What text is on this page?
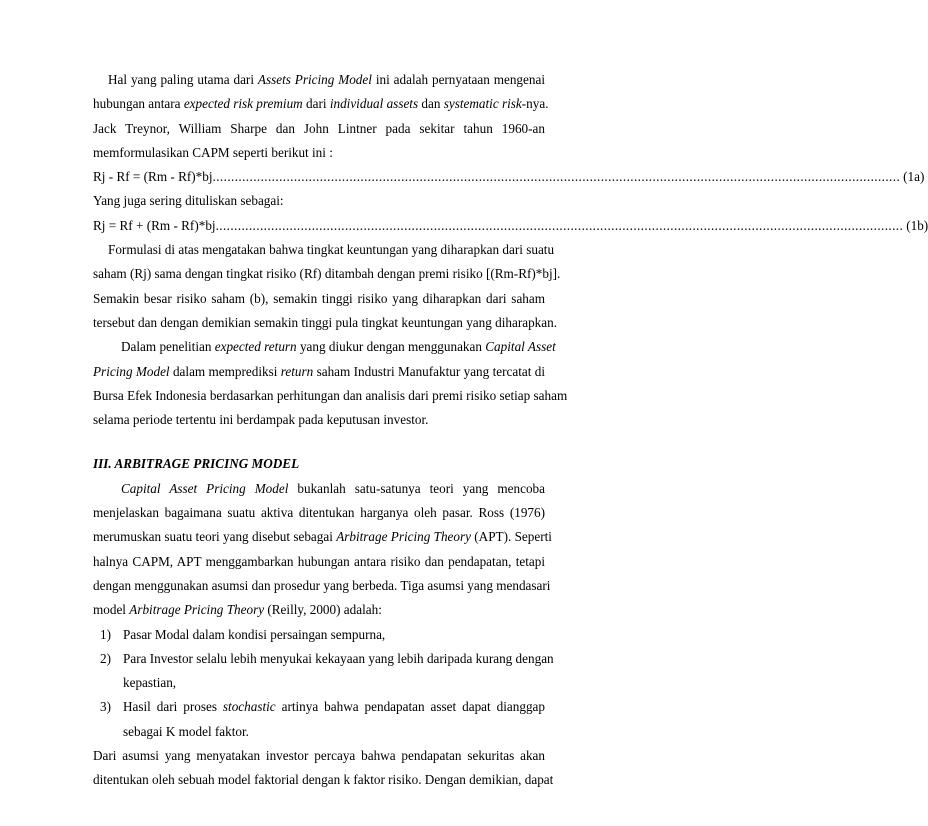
Hal yang paling utama dari Assets Pricing Model ini adalah pernyataan mengenai
hubungan antara expected risk premium dari individual assets dan systematic risk-nya.
Jack Treynor, William Sharpe dan John Lintner pada sekitar tahun 1960-an
memformulasikan CAPM seperti berikut ini :
Rj - Rf = (Rm - Rf)*bj .....	(1a)
Yang juga sering dituliskan sebagai:
Rj = Rf + (Rm - Rf)*bj .....	(1b)
Formulasi di atas mengatakan bahwa tingkat keuntungan yang diharapkan dari suatu
saham (Rj) sama dengan tingkat risiko (Rf) ditambah dengan premi risiko [(Rm-Rf)*bj].
Semakin besar risiko saham (b), semakin tinggi risiko yang diharapkan dari saham
tersebut dan dengan demikian semakin tinggi pula tingkat keuntungan yang diharapkan.
Dalam penelitian expected return yang diukur dengan menggunakan Capital Asset
Pricing Model dalam memprediksi return saham Industri Manufaktur yang tercatat di
Bursa Efek Indonesia berdasarkan perhitungan dan analisis dari premi risiko setiap saham
selama periode tertentu ini berdampak pada keputusan investor.
III. ARBITRAGE PRICING MODEL
Capital Asset Pricing Model bukanlah satu-satunya teori yang mencoba
menjelaskan bagaimana suatu aktiva ditentukan harganya oleh pasar. Ross (1976)
merumuskan suatu teori yang disebut sebagai Arbitrage Pricing Theory (APT). Seperti
halnya CAPM, APT menggambarkan hubungan antara risiko dan pendapatan, tetapi
dengan menggunakan asumsi dan prosedur yang berbeda. Tiga asumsi yang mendasari
model Arbitrage Pricing Theory (Reilly, 2000) adalah:
1) Pasar Modal dalam kondisi persaingan sempurna,
2) Para Investor selalu lebih menyukai kekayaan yang lebih daripada kurang dengan
kepastian,
3) Hasil dari proses stochastic artinya bahwa pendapatan asset dapat dianggap
sebagai K model faktor.
Dari asumsi yang menyatakan investor percaya bahwa pendapatan sekuritas akan
ditentukan oleh sebuah model faktorial dengan k faktor risiko. Dengan demikian, dapat
